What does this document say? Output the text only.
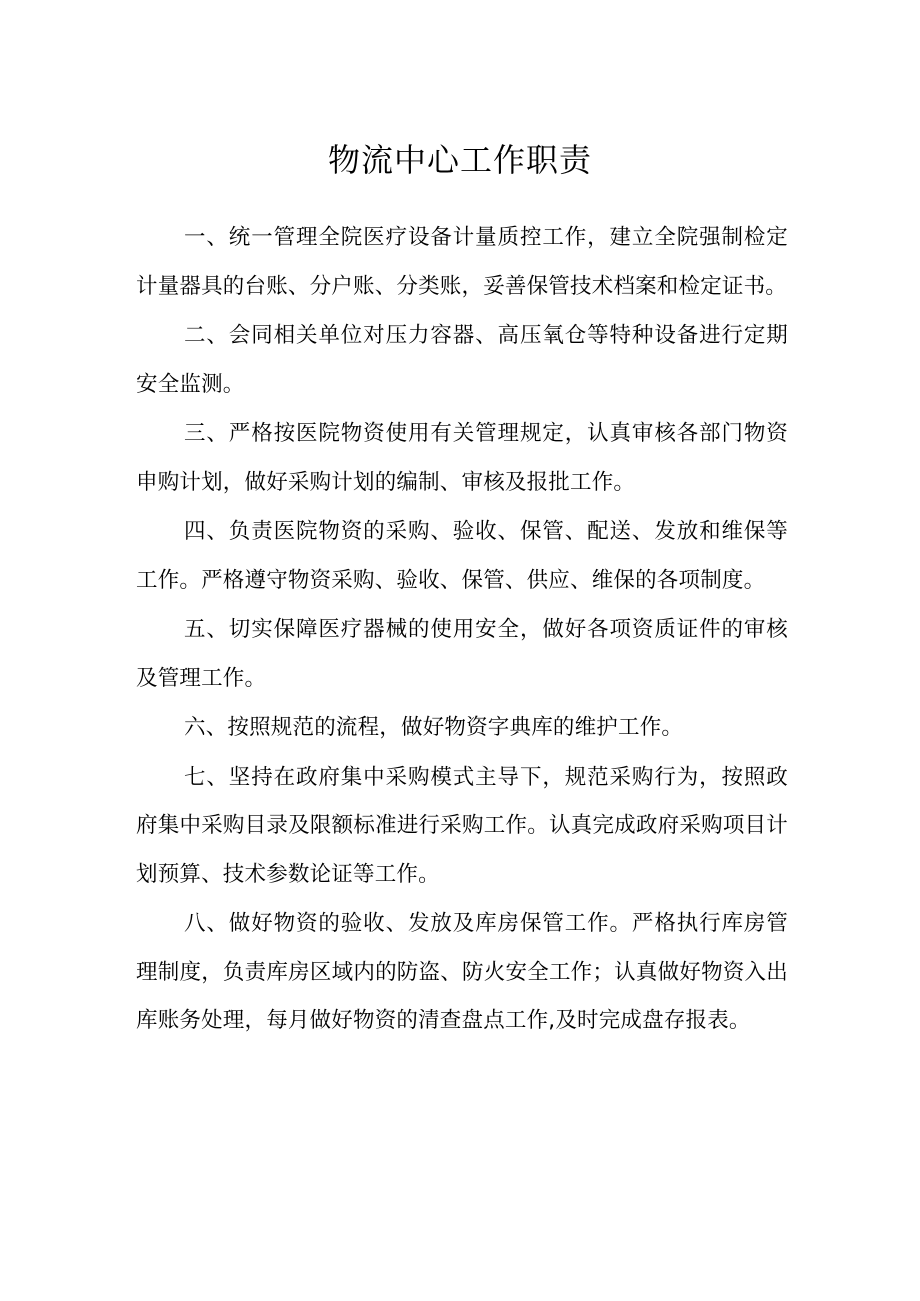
物流中心工作职责

一、统一管理全院医疗设备计量质控工作，建立全院强制检定计量器具的台账、分户账、分类账，妥善保管技术档案和检定证书。

二、会同相关单位对压力容器、高压氧仓等特种设备进行定期安全监测。

三、严格按医院物资使用有关管理规定，认真审核各部门物资申购计划，做好采购计划的编制、审核及报批工作。

四、负责医院物资的采购、验收、保管、配送、发放和维保等工作。严格遵守物资采购、验收、保管、供应、维保的各项制度。

五、切实保障医疗器械的使用安全，做好各项资质证件的审核及管理工作。

六、按照规范的流程，做好物资字典库的维护工作。

七、坚持在政府集中采购模式主导下，规范采购行为，按照政府集中采购目录及限额标准进行采购工作。认真完成政府采购项目计划预算、技术参数论证等工作。

八、做好物资的验收、发放及库房保管工作。严格执行库房管理制度，负责库房区域内的防盗、防火安全工作；认真做好物资入出库账务处理，每月做好物资的清查盘点工作,及时完成盘存报表。
